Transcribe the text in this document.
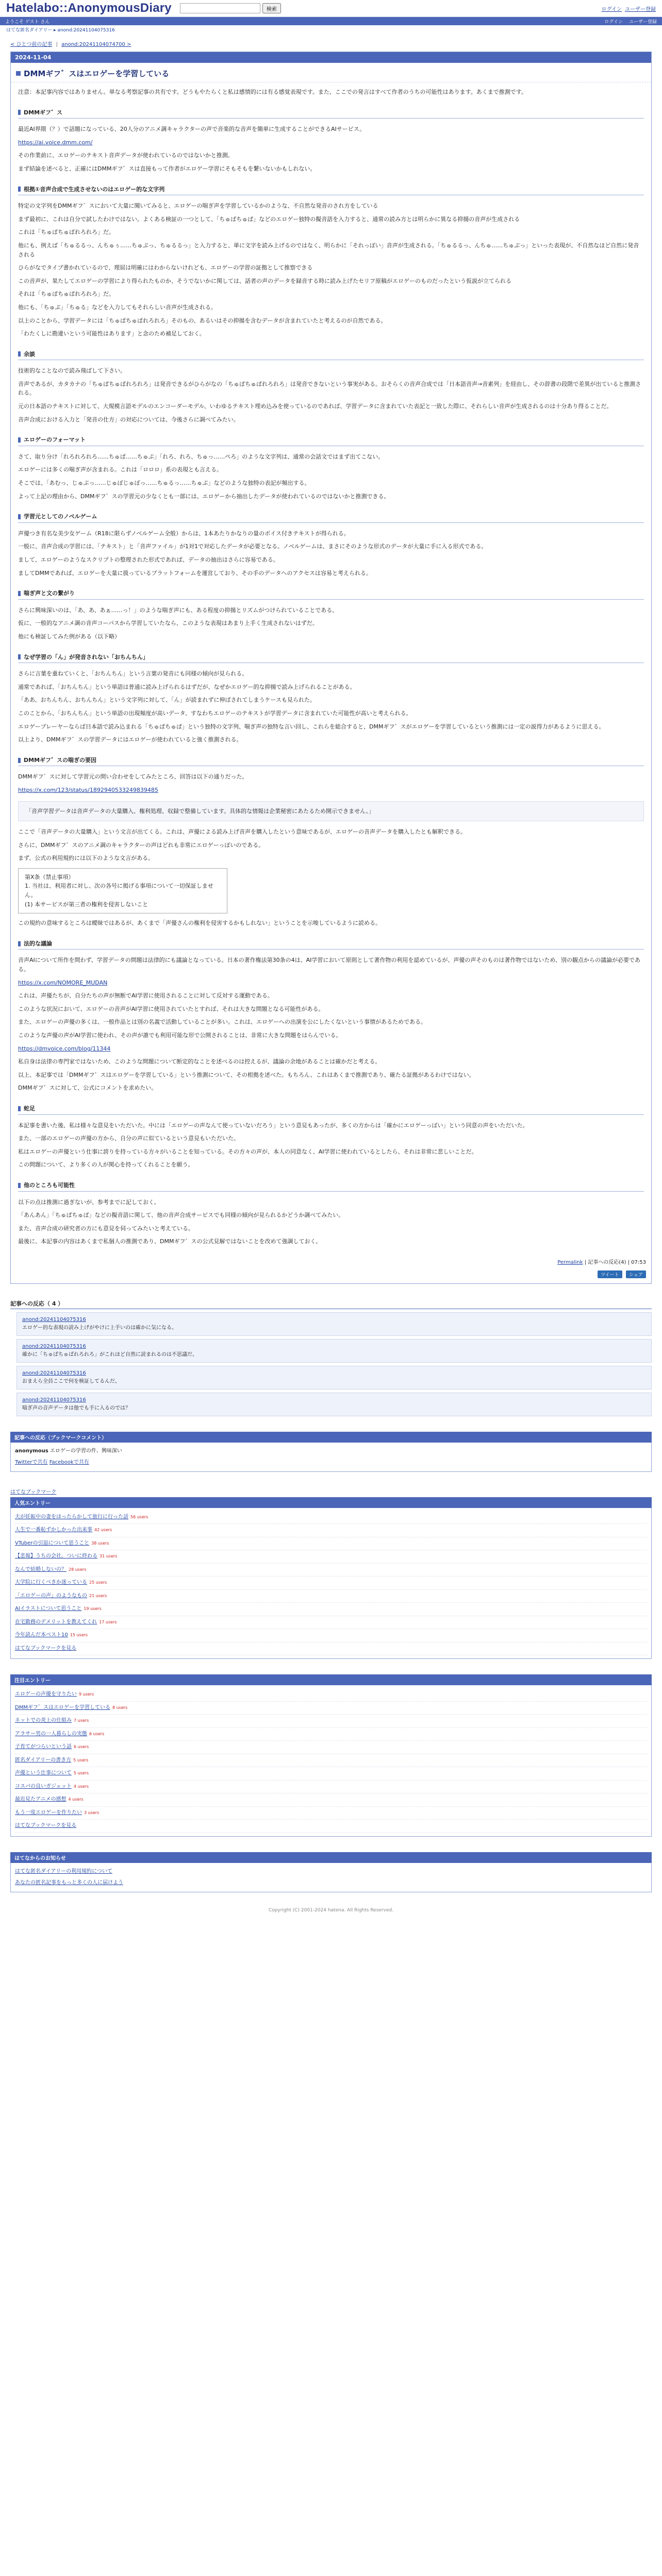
Hatelabo::AnonymousDiary	検索	ログイン ユーザー登録
ようこそ ゲスト さん	ログイン ユーザー登録
はてな匿名ダイアリー ▸ anond:20241104075316
< ひとつ前の記事 | anond:20241104074700 >
2024-11-04
DMMギフ゛スはエロゲーを学習している

注意：本記事内容ではありません。単なる考察記事の共有です。どうもやたらくと私は感情的には有る感覚表現です。また、ここでの発言はすべて作者のうちの可能性はあります。あくまで推測です。

DMMギフ゛ス

最近AI界隈（？）で話題になっている、20人分のアニメ調キャラクターの声で音楽的な音声を簡単に生成することができるAIサービス。

https://ai.voice.dmm.com/

その作業前に、エロゲーのテキスト音声データが使われているのではないかと推測。

まず結論を述べると、正確にはDMMギフ゛スは直接もって作者がエロゲー学習にそもそもを繋いないかもしれない。

根拠①音声合成で生成させないのはエロゲー的な文字列

特定の文字列をDMMギフ゛スにおいて大量に聞いてみると、エロゲーの喘ぎ声を学習しているかのような、不自然な発音のされ方をしている

まず最初に、これは自分で試したわけではない。よくある検証の一つとして、「ちゅぱちゅぱ」などのエロゲー独特の擬音語を入力すると、通常の読み方とは明らかに異なる抑揚の音声が生成される

これは「ちゅぱちゅぱれろれろ」だ。

他にも、例えば「ちゅるるっ、んちゅぅ……ちゅぷっ、ちゅるるっ」と入力すると、単に文字を読み上げるのではなく、明らかに「それっぽい」音声が生成される。「ちゅるるっ、んちゅ……ちゅぷっ」といった表現が、不自然なほど自然に発音される

ひらがなでタイプ書かれているので、理屈は明確にはわからないけれども、エロゲーの学習の証拠として推察できる

この音声が、果たしてエロゲーの学習により得られたものか、そうでないかに関しては、話者の声のデータを録音する時に読み上げたセリフ原稿がエロゲーのものだったという仮説が立てられる

それは「ちゅぱちゅぱれろれろ」だ。

他にも、「ちゅぷ」「ちゅる」などを入力してもそれらしい音声が生成される。

以上のことから、学習データには「ちゅぱちゅぱれろれろ」そのもの、あるいはその抑揚を含むデータが含まれていたと考えるのが自然である。

「わたくしに勘違いという可能性はあります」と念のため補足しておく。

余談

技術的なことなので読み飛ばして下さい。

音声であるが、カタカナの「ちゅぱちゅぱれろれろ」は発音できるがひらがなの「ちゅぱちゅぱれろれろ」は発音できないという事実がある。おそらくの音声合成では「日本語音声→音素列」を経由し、その辞書の段階で差異が出ていると推測される。

元の日本語のテキストに対して、大規模言語モデルのエンコーダーモデル、いわゆるテキスト埋め込みを使っているのであれば、学習データに含まれていた表記と一致した際に、それらしい音声が生成されるのは十分あり得ることだ。

音声合成における入力と「発音の仕方」の対応については、今後さらに調べてみたい。

エロゲーのフォーマット

さて、取り分け「れろれろれろ……ちゅぱ……ちゅぷ」「れろ、れろ、ちゅっ……ぺろ」のような文字列は、通常の会話文ではまず出てこない。

エロゲーには多くの喘ぎ声が含まれる。これは「ロロロ」系の表現とも言える。

そこでは、「あむっ、じゅぷっ……じゅぽじゅぽっ……ちゅるっ……ちゅぷ」などのような独特の表記が頻出する。

よって上記の理由から、DMMギフ゛スの学習元の少なくとも一部には、エロゲーから抽出したデータが使われているのではないかと推測できる。

学習元としてのノベルゲーム

声優つき有名な美少女ゲーム（R18に限らずノベルゲーム全般）からは、1本あたりかなりの量のボイス付きテキストが得られる。

一般に、音声合成の学習には、「テキスト」と「音声ファイル」が1対1で対応したデータが必要となる。ノベルゲームは、まさにそのような形式のデータが大量に手に入る形式である。

まして、エロゲーのようなスクリプトの整理された形式であれば、データの抽出はさらに容易である。

ましてDMMであれば、エロゲーを大量に扱っているプラットフォームを運営しており、その手のデータへのアクセスは容易と考えられる。

喘ぎ声と文の繋がり

さらに興味深いのは、「あ、あ、あぁ……っ！」のような喘ぎ声にも、ある程度の抑揚とリズムがつけられていることである。

仮に、一般的なアニメ調の音声コーパスから学習していたなら、このような表現はあまり上手く生成されないはずだ。

他にも検証してみた例がある（以下略）

なぜ学習の「ん」が発音されない「おちんちん」

さらに言葉を重ねていくと、「おちんちん」という言葉の発音にも同様の傾向が見られる。

通常であれば、「おちんちん」という単語は普通に読み上げられるはずだが、なぜかエロゲー的な抑揚で読み上げられることがある。

「ああ、おちんちん、おちんちん」という文字列に対して、「ん」が読まれずに伸ばされてしまうケースも見られた。

このことから、「おちんちん」という単語の出現頻度が高いデータ、すなわちエロゲーのテキストが学習データに含まれていた可能性が高いと考えられる。

エロゲーブレーヤーならば日本語で読み込まれる「ちゅぱちゅぱ」という独特の文字列、喘ぎ声の独特な言い回し、これらを総合すると、DMMギフ゛スがエロゲーを学習しているという推測には一定の説得力があるように思える。

以上より、DMMギフ゛スの学習データにはエロゲーが使われていると強く推測される。

DMMギフ゛スの喘ぎの要因

DMMギフ゛スに対して学習元の問い合わせをしてみたところ、回答は以下の通りだった。

https://x.com/123/status/1892940533249839485
「音声学習データは音声データの大量購入、権利処理、収録で整備しています。具体的な情報は企業秘密にあたるため開示できません。」

ここで「音声データの大量購入」という文言が出てくる。これは、声優による読み上げ音声を購入したという意味であるが、エロゲーの音声データを購入したとも解釈できる。

さらに、DMMギフ゛スのアニメ調のキャラクターの声はどれも非常にエロゲーっぽいのである。

まず、公式の利用規約には以下のような文言がある。

第X条（禁止事項）
1. 当社は、利用者に対し、次の各号に掲げる事項について一切保証しません。
(1) 本サービスが第三者の権利を侵害しないこと

この規約の意味するところは曖昧ではあるが、あくまで「声優さんの権利を侵害するかもしれない」ということを示唆しているように読める。

法的な議論

音声AIについて所作を問わず、学習データの問題は法律的にも議論となっている。日本の著作権法第30条の4は、AI学習において原則として著作物の利用を認めているが、声優の声そのものは著作物ではないため、別の観点からの議論が必要である。

https://x.com/NOMORE_MUDAN

これは、声優たちが、自分たちの声が無断でAI学習に使用されることに対して反対する運動である。

このような状況において、エロゲーの音声がAI学習に使用されていたとすれば、それは大きな問題となる可能性がある。

また、エロゲーの声優の多くは、一般作品とは別の名義で活動していることが多い。これは、エロゲーへの出演を公にしたくないという事情があるためである。

このような声優の声がAI学習に使われ、その声が誰でも利用可能な形で公開されることは、非常に大きな問題をはらんでいる。

https://dmvoice.com/blog/11344

私自身は法律の専門家ではないため、このような問題について断定的なことを述べるのは控えるが、議論の余地があることは確かだと考える。

以上、本記事では「DMMギフ゛スはエロゲーを学習している」という推測について、その根拠を述べた。もちろん、これはあくまで推測であり、確たる証拠があるわけではない。

DMMギフ゛スに対して、公式にコメントを求めたい。

蛇足

本記事を書いた後、私は様々な意見をいただいた。中には「エロゲーの声なんて使っていないだろう」という意見もあったが、多くの方からは「確かにエロゲーっぽい」という同意の声をいただいた。

また、一部のエロゲーの声優の方から、自分の声に似ているという意見もいただいた。

私はエロゲーの声優という仕事に誇りを持っている方々がいることを知っている。その方々の声が、本人の同意なく、AI学習に使われているとしたら、それは非常に悲しいことだ。

この問題について、より多くの人が関心を持ってくれることを願う。

他のところも可能性

以下の点は推測に過ぎないが、参考までに記しておく。

「あんあん」「ちゅぱちゅぱ」などの擬音語に関して、他の音声合成サービスでも同様の傾向が見られるかどうか調べてみたい。

また、音声合成の研究者の方にも意見を伺ってみたいと考えている。

最後に、本記事の内容はあくまで私個人の推測であり、DMMギフ゛スの公式見解ではないことを改めて強調しておく。

Permalink | 記事への反応(4) | 07:53
ツイート シェア
記事への反応（ 4 ）
anond:20241104075316
エロゲー的な表現の読み上げがやけに上手いのは確かに気になる。
anond:20241104075316
確かに「ちゅぱちゅぱれろれろ」がこれほど自然に読まれるのは不思議だ。
anond:20241104075316
おまえら全員ここで何を検証してるんだ。
anond:20241104075316
喘ぎ声の音声データは他でも手に入るのでは？
記事への反応（ブックマークコメント）
anonymous エロゲーの学習の件、興味深い
Twitterで共有 Facebookで共有
はてなブックマーク
人気エントリー
夫が妊娠中の妻をほったらかして旅行に行った話 56 users
人生で一番恥ずかしかった出来事 42 users
VTuberの引退について思うこと 38 users
【悲報】うちの会社、ついに終わる 31 users
なんで結婚しないの？ 28 users
大学院に行くべきか迷っている 25 users
「エロゲーの声」のようなもの 21 users
AIイラストについて思うこと 19 users
在宅勤務のデメリットを教えてくれ 17 users
今年読んだ本ベスト10 15 users
はてなブックマークを見る
注目エントリー
エロゲーの声優を守りたい 9 users
DMMギフ゛スはエロゲーを学習している 8 users
ネットでの炎上の仕組み 7 users
アラサー男の一人暮らしの実態 6 users
子育てがつらいという話 6 users
匿名ダイアリーの書き方 5 users
声優という仕事について 5 users
コスパの良いガジェット 4 users
最近見たアニメの感想 4 users
もう一度エロゲーを作りたい 3 users
はてなブックマークを見る
はてなからのお知らせ
はてな匿名ダイアリーの利用規約について
あなたの匿名記事をもっと多くの人に届けよう
Copyright (C) 2001-2024 hatena. All Rights Reserved.
